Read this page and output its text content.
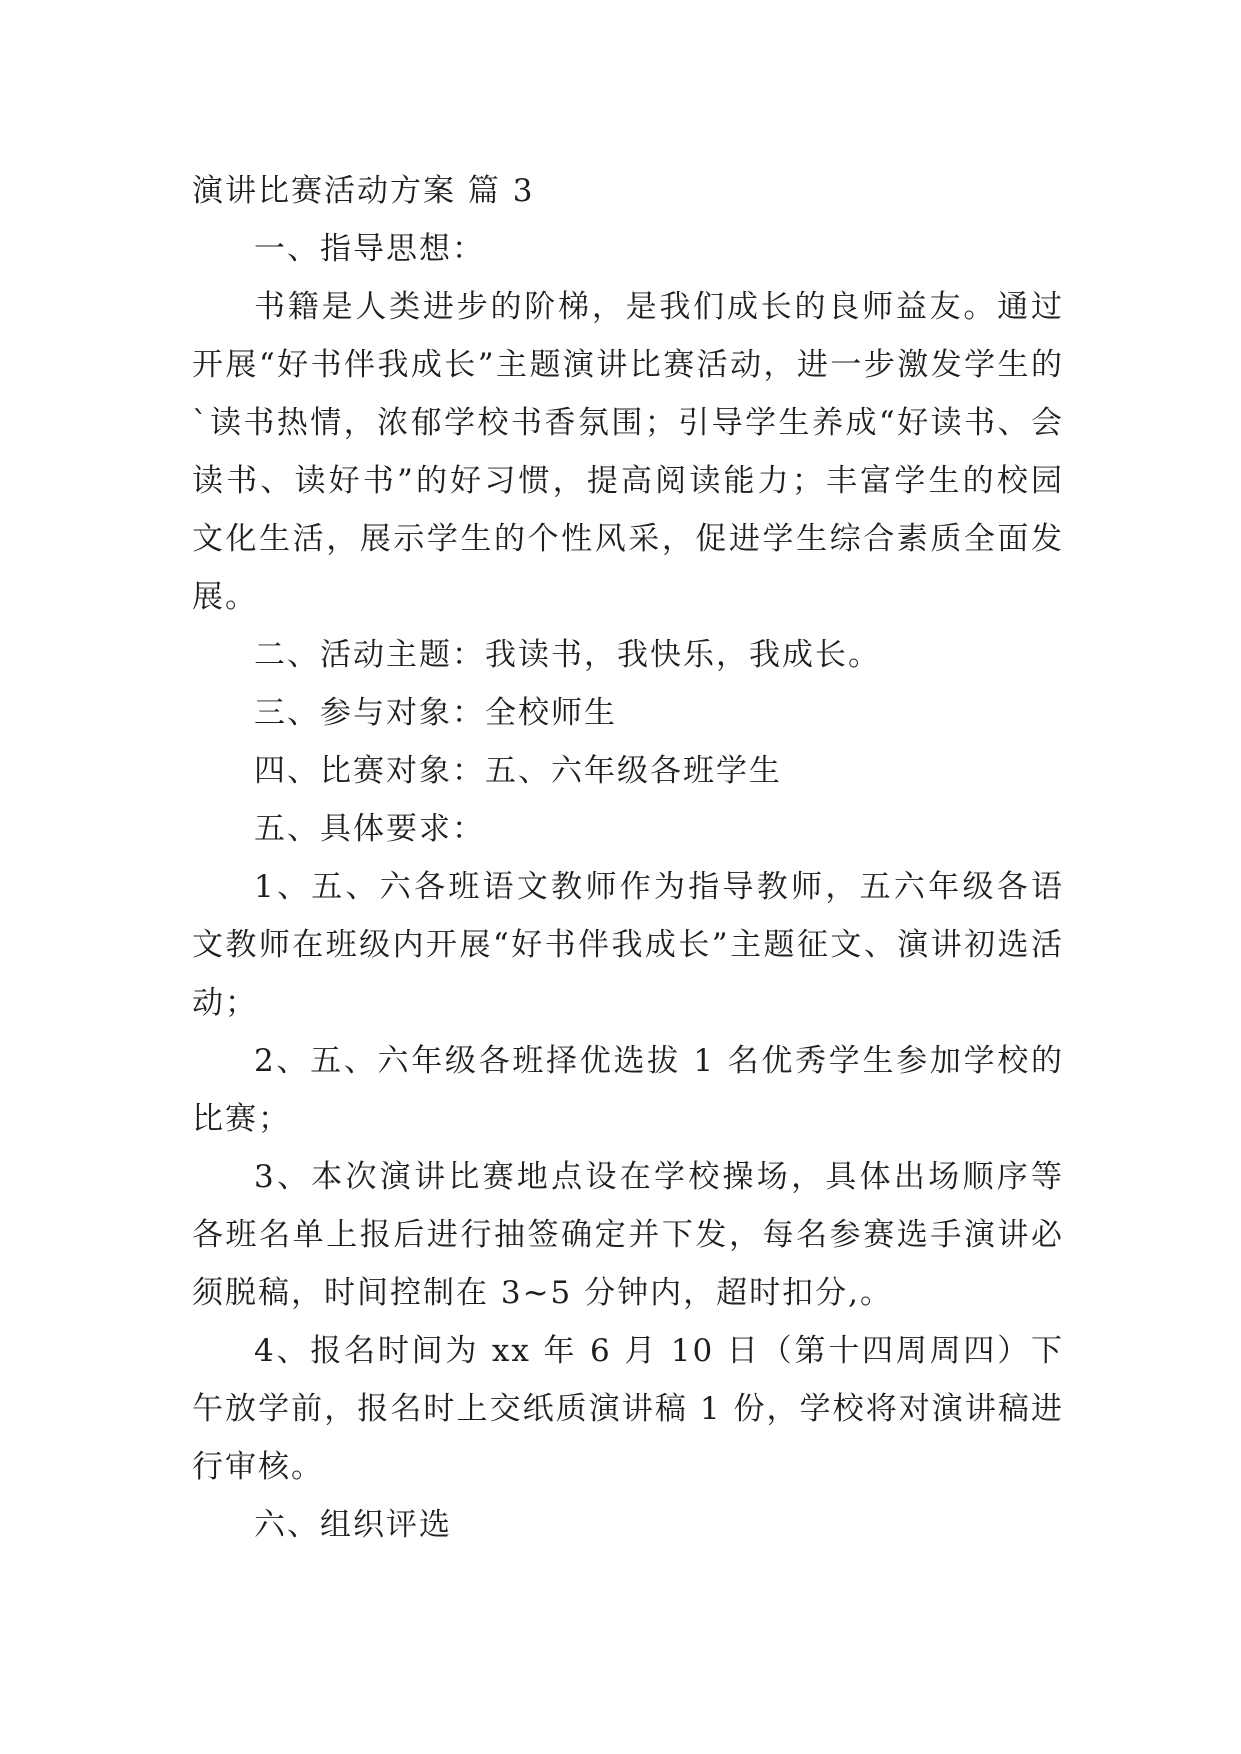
演讲比赛活动方案 篇 3

一、指导思想：

书籍是人类进步的阶梯，是我们成长的良师益友。通过开展“好书伴我成长”主题演讲比赛活动，进一步激发学生的`读书热情，浓郁学校书香氛围；引导学生养成“好读书、会读书、读好书”的好习惯，提高阅读能力；丰富学生的校园文化生活，展示学生的个性风采，促进学生综合素质全面发展。

二、活动主题：我读书，我快乐，我成长。

三、参与对象：全校师生

四、比赛对象：五、六年级各班学生

五、具体要求：

1、五、六各班语文教师作为指导教师，五六年级各语文教师在班级内开展“好书伴我成长”主题征文、演讲初选活动；

2、五、六年级各班择优选拔 1 名优秀学生参加学校的比赛；

3、本次演讲比赛地点设在学校操场，具体出场顺序等各班名单上报后进行抽签确定并下发，每名参赛选手演讲必须脱稿，时间控制在 3~5 分钟内，超时扣分,。

4、报名时间为 xx 年 6 月 10 日（第十四周周四）下午放学前，报名时上交纸质演讲稿 1 份，学校将对演讲稿进行审核。

六、组织评选
